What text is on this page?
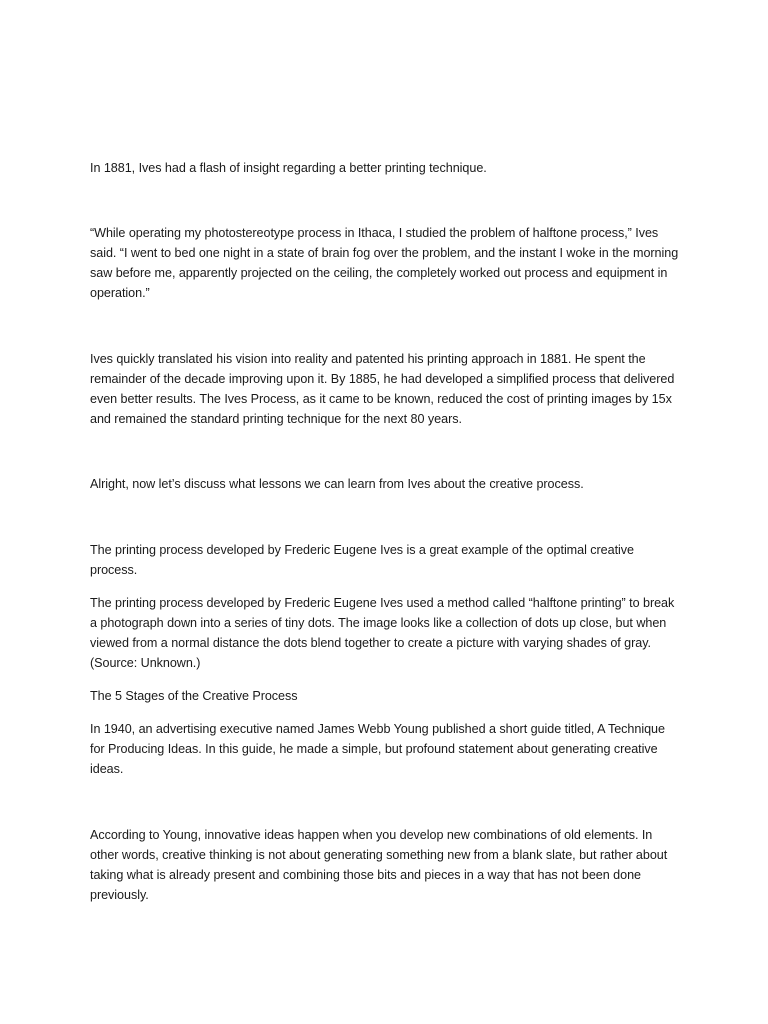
In 1881, Ives had a flash of insight regarding a better printing technique.

“While operating my photostereotype process in Ithaca, I studied the problem of halftone process,” Ives said. “I went to bed one night in a state of brain fog over the problem, and the instant I woke in the morning saw before me, apparently projected on the ceiling, the completely worked out process and equipment in operation.”

Ives quickly translated his vision into reality and patented his printing approach in 1881. He spent the remainder of the decade improving upon it. By 1885, he had developed a simplified process that delivered even better results. The Ives Process, as it came to be known, reduced the cost of printing images by 15x and remained the standard printing technique for the next 80 years.

Alright, now let’s discuss what lessons we can learn from Ives about the creative process.

The printing process developed by Frederic Eugene Ives is a great example of the optimal creative process.

The printing process developed by Frederic Eugene Ives used a method called “halftone printing” to break a photograph down into a series of tiny dots. The image looks like a collection of dots up close, but when viewed from a normal distance the dots blend together to create a picture with varying shades of gray. (Source: Unknown.)

The 5 Stages of the Creative Process

In 1940, an advertising executive named James Webb Young published a short guide titled, A Technique for Producing Ideas. In this guide, he made a simple, but profound statement about generating creative ideas.

According to Young, innovative ideas happen when you develop new combinations of old elements. In other words, creative thinking is not about generating something new from a blank slate, but rather about taking what is already present and combining those bits and pieces in a way that has not been done previously.
